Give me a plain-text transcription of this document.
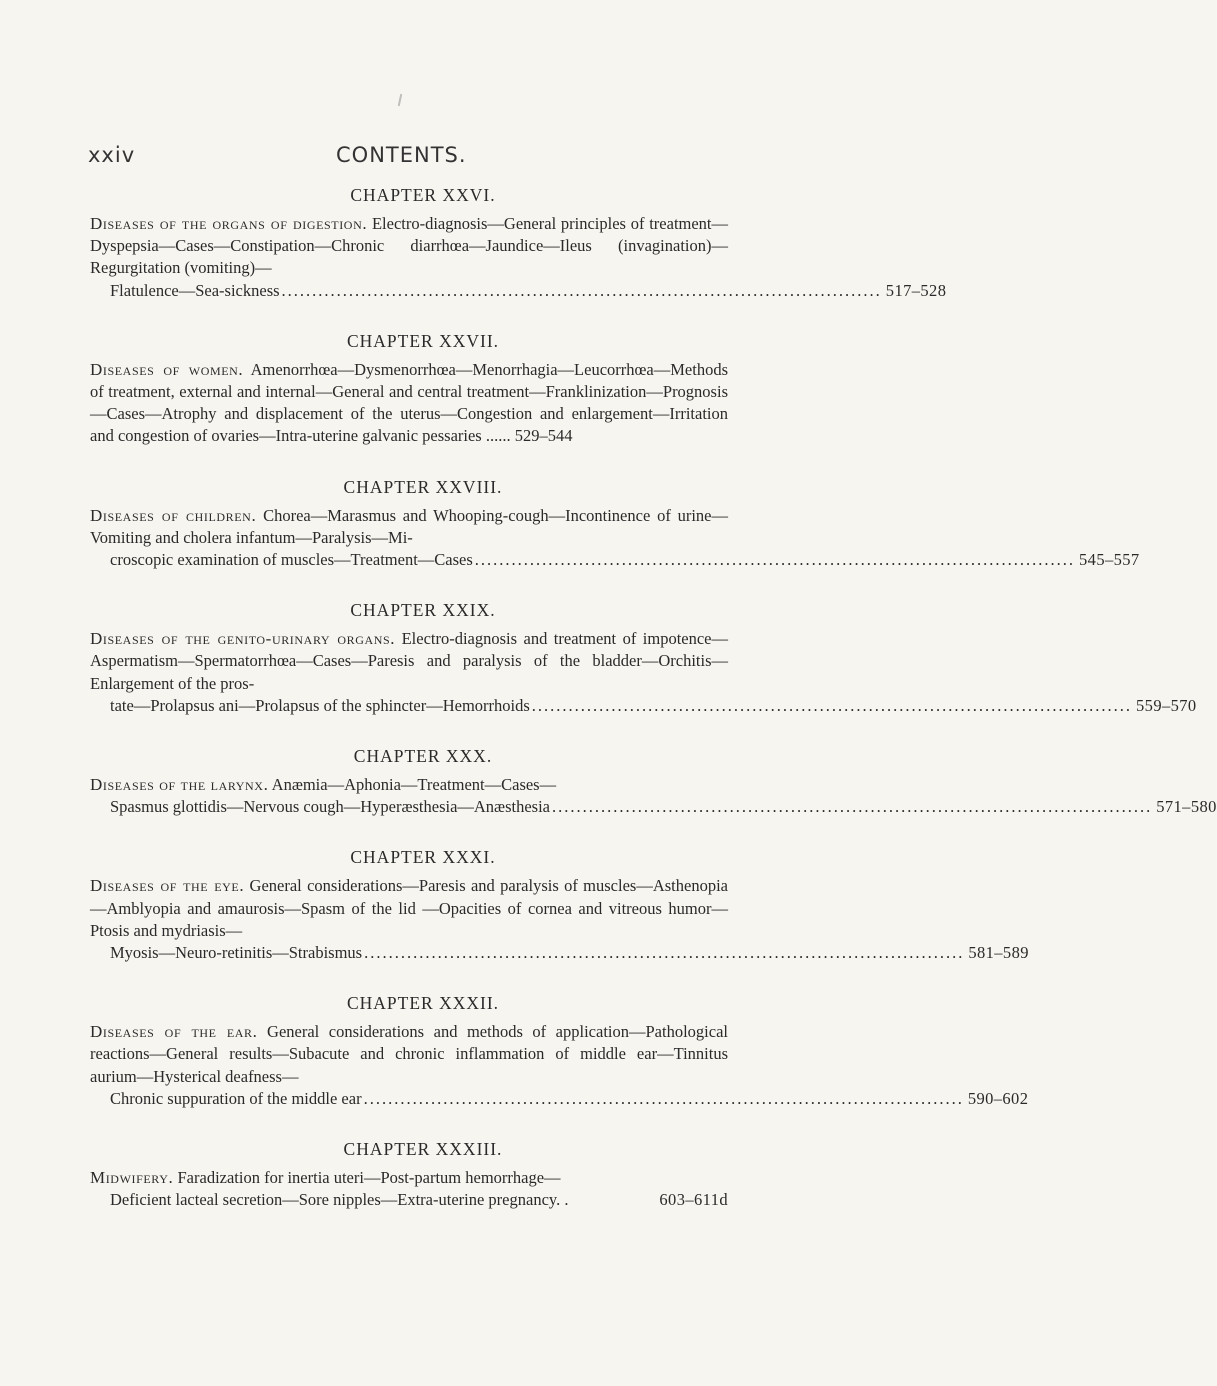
xxiv	CONTENTS.
CHAPTER XXVI.
Diseases of the organs of digestion. Electro-diagnosis—General principles of treatment—Dyspepsia—Cases—Constipation—Chronic diarrhœa—Jaundice—Ileus (invagination)—Regurgitation (vomiting)—
Flatulence—Sea-sickness .................................................................................................. 517–528
CHAPTER XXVII.
Diseases of women. Amenorrhœa—Dysmenorrhœa—Menorrhagia—Leucorrhœa—Methods of treatment, external and internal—General and central treatment—Franklinization—Prognosis—Cases—Atrophy and displacement of the uterus—Congestion and enlargement—Irritation and congestion of ovaries—Intra-uterine galvanic pessaries ...... 529–544
CHAPTER XXVIII.
Diseases of children. Chorea—Marasmus and Whooping-cough—Incontinence of urine—Vomiting and cholera infantum—Paralysis—Mi-
croscopic examination of muscles—Treatment—Cases .................................................................................................. 545–557
CHAPTER XXIX.
Diseases of the genito-urinary organs. Electro-diagnosis and treatment of impotence—Aspermatism—Spermatorrhœa—Cases—Paresis and paralysis of the bladder—Orchitis—Enlargement of the pros-
tate—Prolapsus ani—Prolapsus of the sphincter—Hemorrhoids .................................................................................................. 559–570
CHAPTER XXX.
Diseases of the larynx. Anæmia—Aphonia—Treatment—Cases—
Spasmus glottidis—Nervous cough—Hyperæsthesia—Anæsthesia .................................................................................................. 571–580
CHAPTER XXXI.
Diseases of the eye. General considerations—Paresis and paralysis of muscles—Asthenopia—Amblyopia and amaurosis—Spasm of the lid —Opacities of cornea and vitreous humor—Ptosis and mydriasis—
Myosis—Neuro-retinitis—Strabismus .................................................................................................. 581–589
CHAPTER XXXII.
Diseases of the ear. General considerations and methods of application—Pathological reactions—General results—Subacute and chronic inflammation of middle ear—Tinnitus aurium—Hysterical deafness—
Chronic suppuration of the middle ear .................................................................................................. 590–602
CHAPTER XXXIII.
Midwifery. Faradization for inertia uteri—Post-partum hemorrhage—
Deficient lacteal secretion—Sore nipples—Extra-uterine pregnancy. .	603–611d
